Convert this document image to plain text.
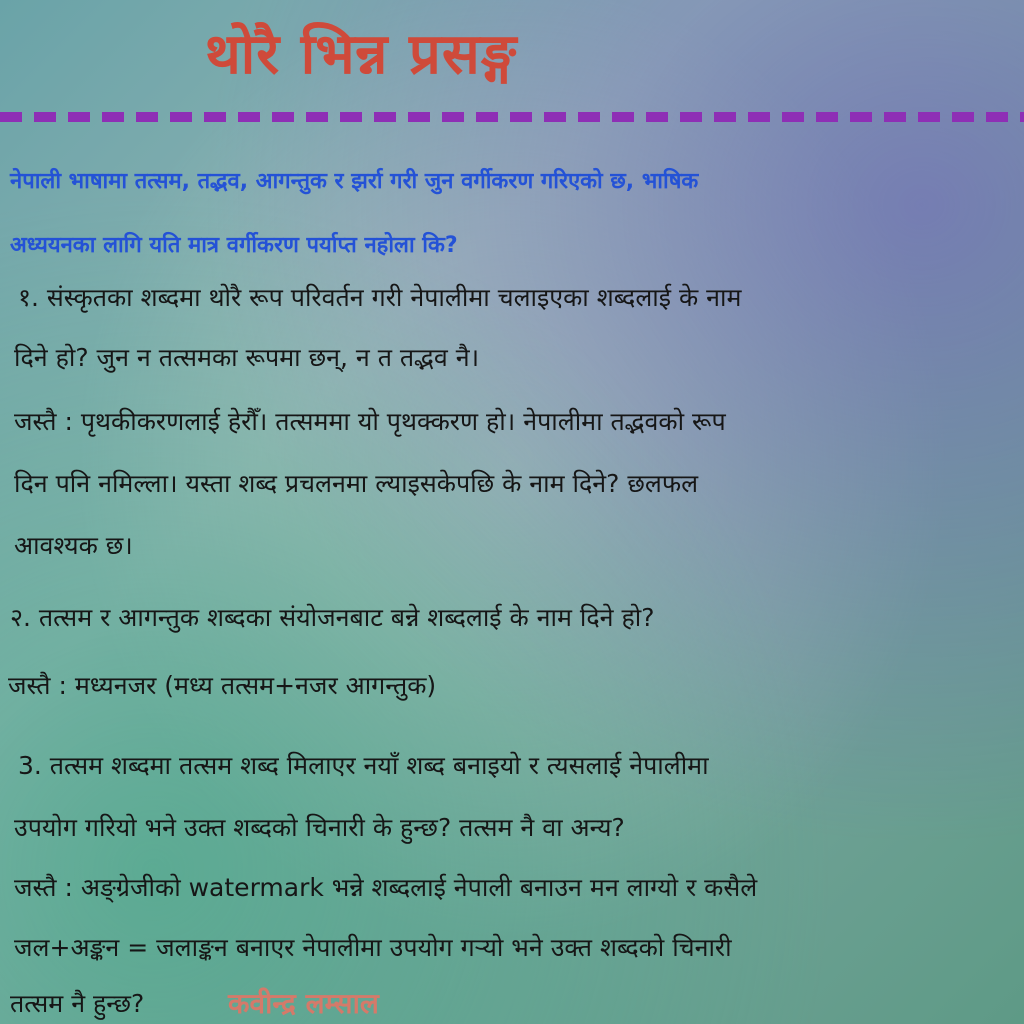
थोरै भिन्न प्रसङ्ग
नेपाली भाषामा तत्सम, तद्भव, आगन्तुक र झर्रा गरी जुन वर्गीकरण गरिएको छ, भाषिक
अध्ययनका लागि यति मात्र वर्गीकरण पर्याप्त नहोला कि?
१. संस्कृतका शब्दमा थोरै रूप परिवर्तन गरी नेपालीमा चलाइएका शब्दलाई के नाम
दिने हो? जुन न तत्समका रूपमा छन्, न त तद्भव नै।
जस्तै : पृथकीकरणलाई हेरौँ। तत्सममा यो पृथक्करण हो। नेपालीमा तद्भवको रूप
दिन पनि नमिल्ला। यस्ता शब्द प्रचलनमा ल्याइसकेपछि के नाम दिने? छलफल
आवश्यक छ।
२. तत्सम र आगन्तुक शब्दका संयोजनबाट बन्ने शब्दलाई के नाम दिने हो?
जस्तै : मध्यनजर (मध्य तत्सम+नजर आगन्तुक)
3. तत्सम शब्दमा तत्सम शब्द मिलाएर नयाँ शब्द बनाइयो र त्यसलाई नेपालीमा
उपयोग गरियो भने उक्त शब्दको चिनारी के हुन्छ? तत्सम नै वा अन्य?
जस्तै : अङ्ग्रेजीको watermark भन्ने शब्दलाई नेपाली बनाउन मन लाग्यो र कसैले
जल+अङ्कन = जलाङ्कन बनाएर नेपालीमा उपयोग गऱ्यो भने उक्त शब्दको चिनारी
तत्सम नै हुन्छ?	कवीन्द्र लम्साल
